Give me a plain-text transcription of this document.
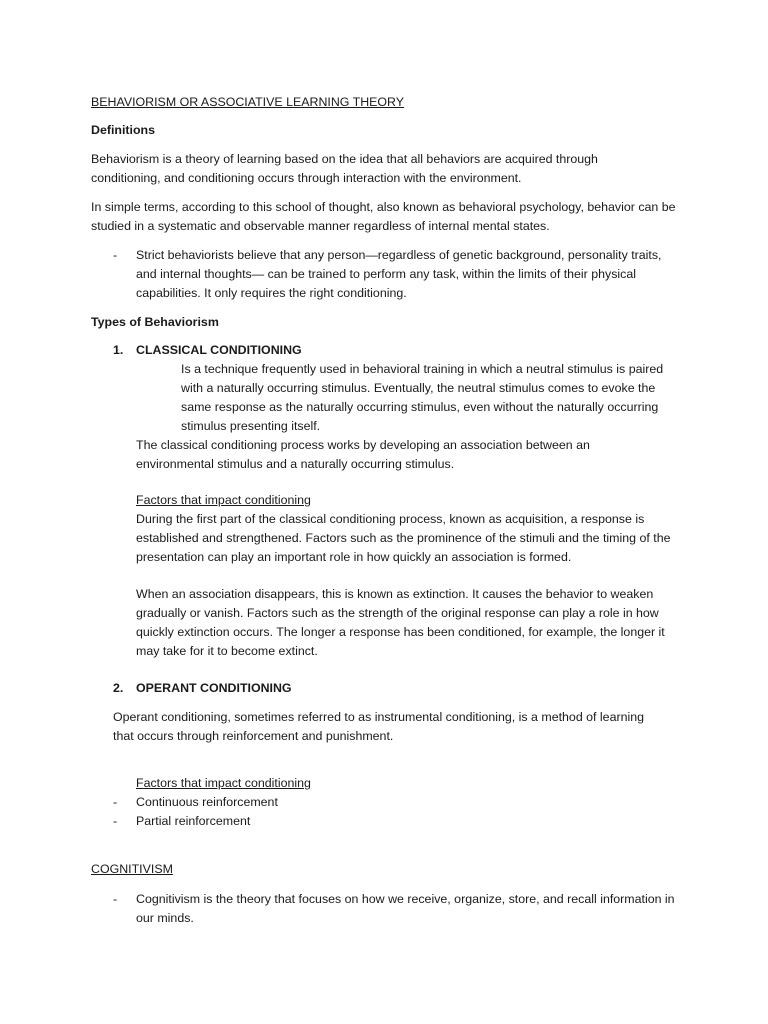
BEHAVIORISM OR ASSOCIATIVE LEARNING THEORY
Definitions
Behaviorism is a theory of learning based on the idea that all behaviors are acquired through conditioning, and conditioning occurs through interaction with the environment.
In simple terms, according to this school of thought, also known as behavioral psychology, behavior can be studied in a systematic and observable manner regardless of internal mental states.
- Strict behaviorists believe that any person—regardless of genetic background, personality traits, and internal thoughts— can be trained to perform any task, within the limits of their physical capabilities. It only requires the right conditioning.
Types of Behaviorism
1. CLASSICAL CONDITIONING
Is a technique frequently used in behavioral training in which a neutral stimulus is paired with a naturally occurring stimulus. Eventually, the neutral stimulus comes to evoke the same response as the naturally occurring stimulus, even without the naturally occurring stimulus presenting itself.
The classical conditioning process works by developing an association between an environmental stimulus and a naturally occurring stimulus.
Factors that impact conditioning
During the first part of the classical conditioning process, known as acquisition, a response is established and strengthened. Factors such as the prominence of the stimuli and the timing of the presentation can play an important role in how quickly an association is formed.
When an association disappears, this is known as extinction. It causes the behavior to weaken gradually or vanish. Factors such as the strength of the original response can play a role in how quickly extinction occurs. The longer a response has been conditioned, for example, the longer it may take for it to become extinct.
2. OPERANT CONDITIONING
Operant conditioning, sometimes referred to as instrumental conditioning, is a method of learning that occurs through reinforcement and punishment.
Factors that impact conditioning
- Continuous reinforcement
- Partial reinforcement
COGNITIVISM
- Cognitivism is the theory that focuses on how we receive, organize, store, and recall information in our minds.
